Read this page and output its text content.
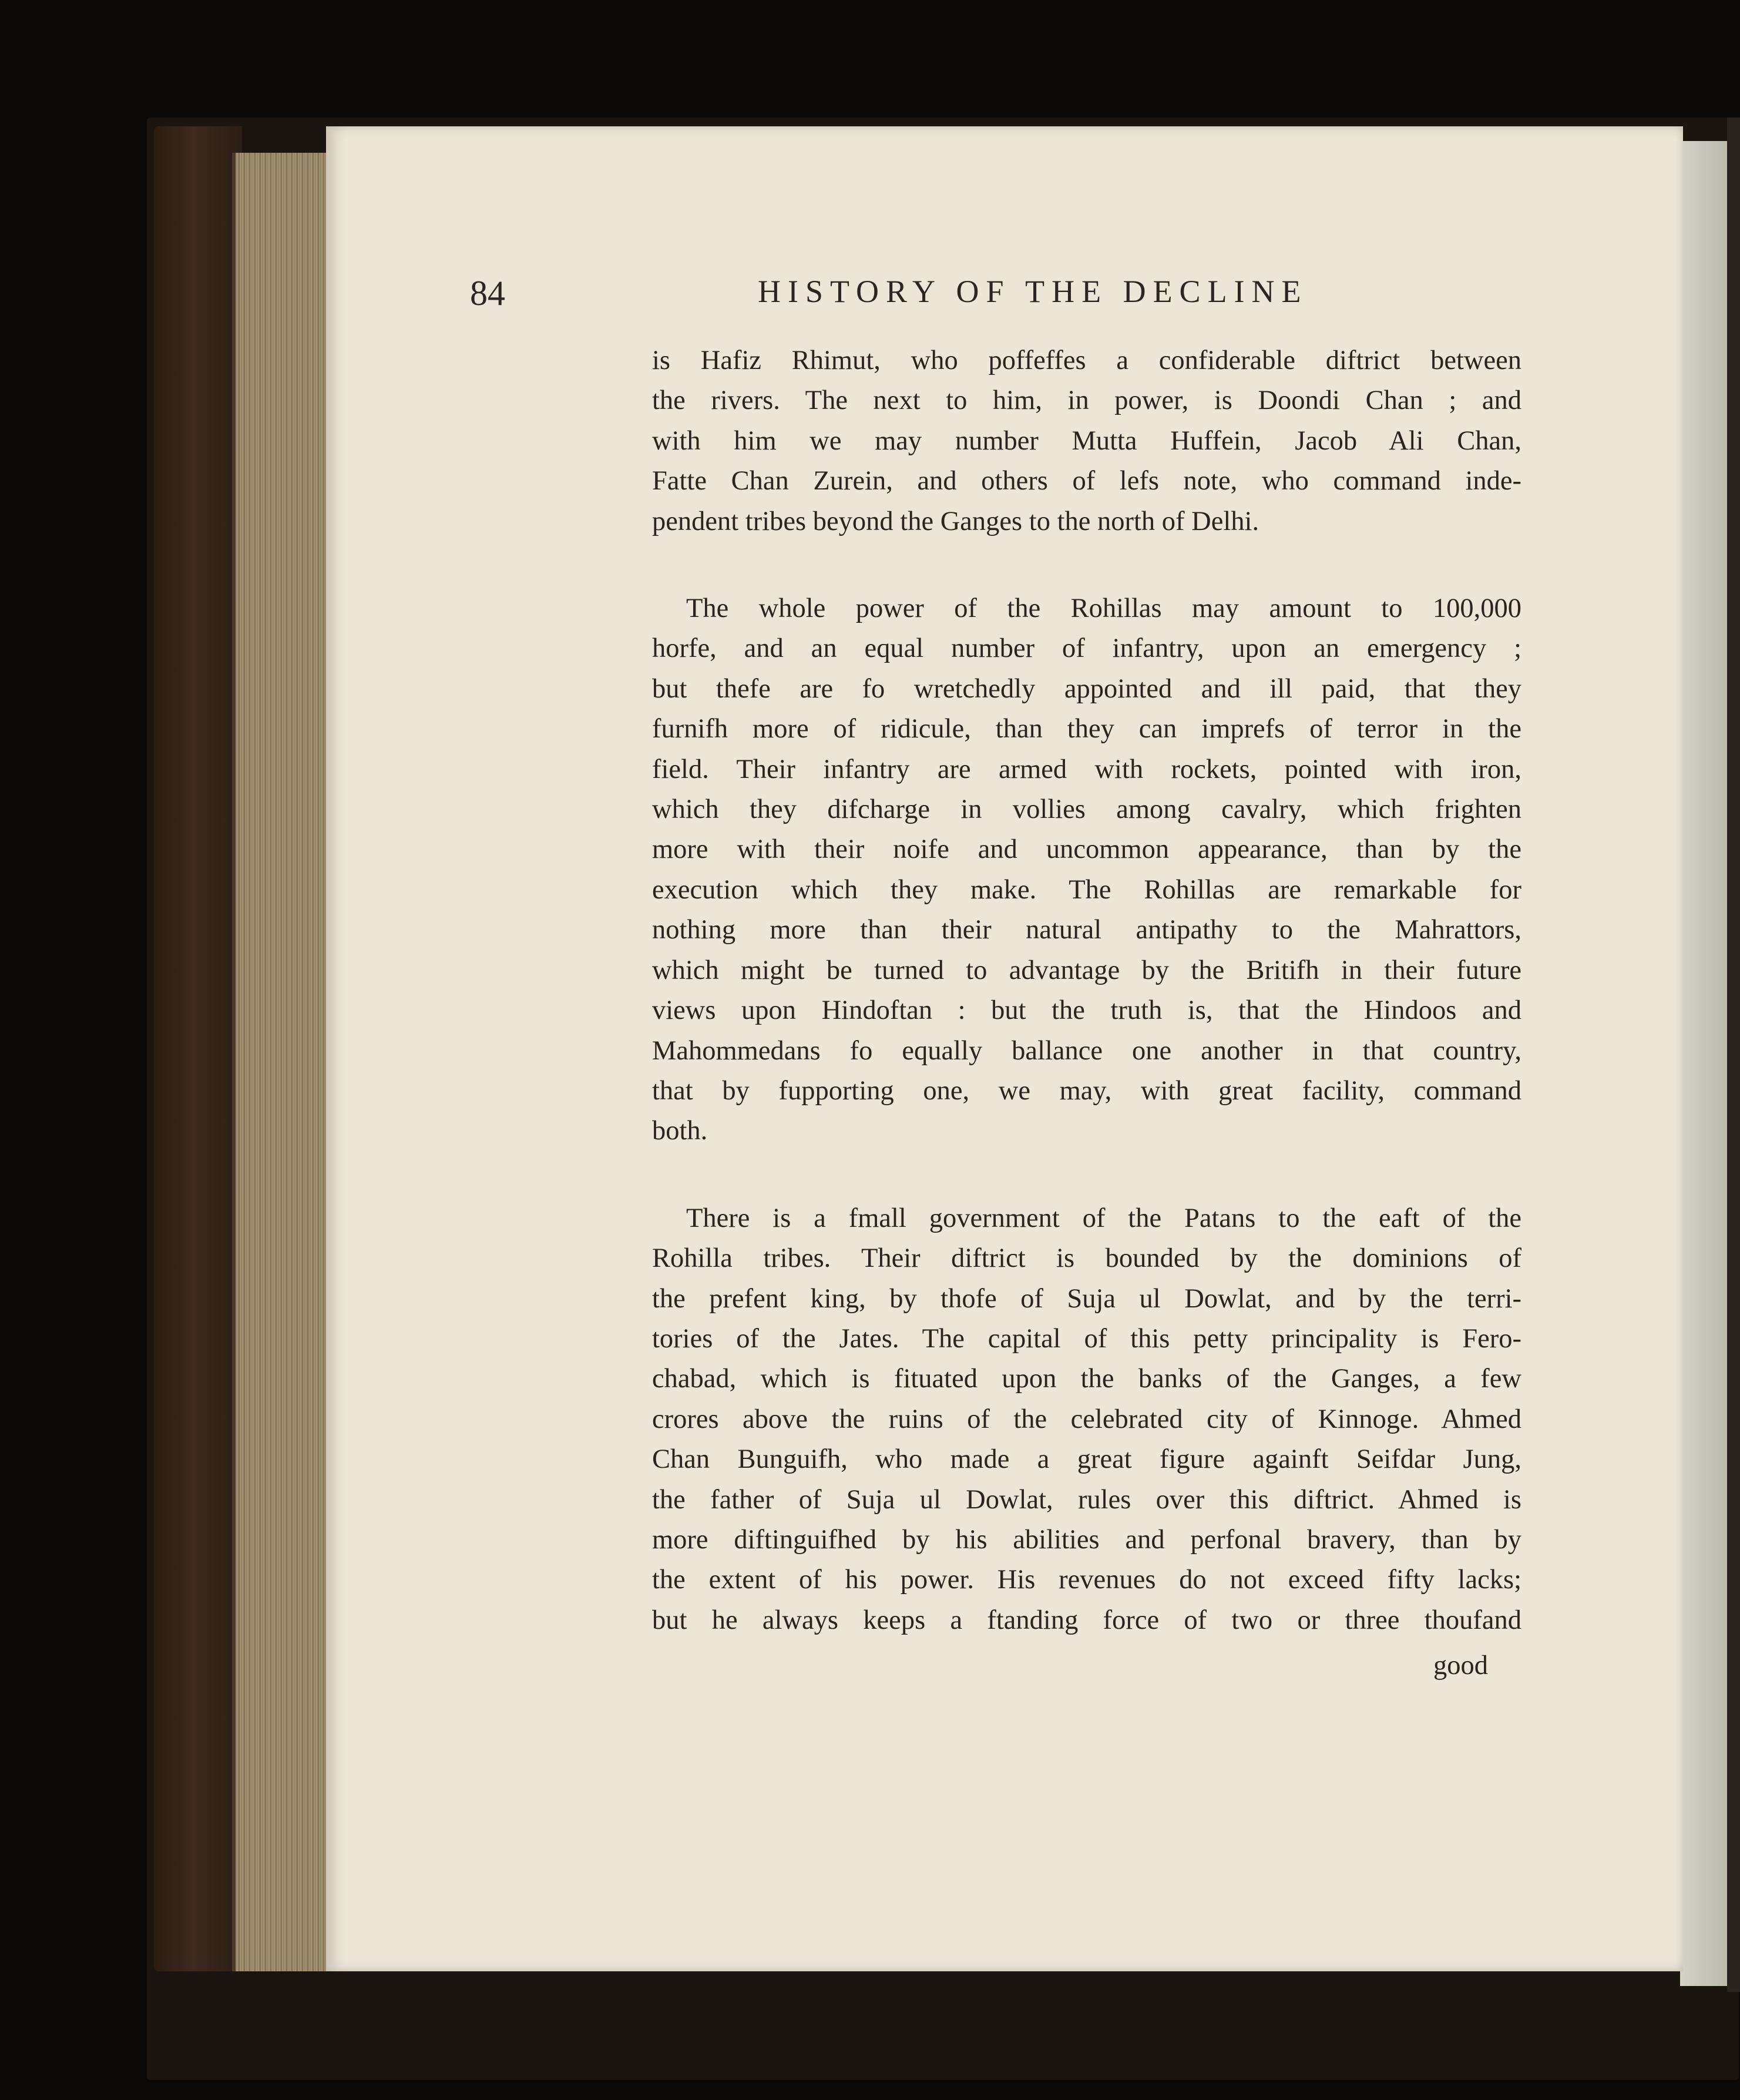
84	HISTORY OF THE DECLINE

is Hafiz Rhimut, who poffeffes a confiderable diftrict between
the rivers. The next to him, in power, is Doondi Chan ; and
with him we may number Mutta Huffein, Jacob Ali Chan,
Fatte Chan Zurein, and others of lefs note, who command inde-
pendent tribes beyond the Ganges to the north of Delhi.

The whole power of the Rohillas may amount to 100,000
horfe, and an equal number of infantry, upon an emergency ;
but thefe are fo wretchedly appointed and ill paid, that they
furnifh more of ridicule, than they can imprefs of terror in the
field. Their infantry are armed with rockets, pointed with iron,
which they difcharge in vollies among cavalry, which frighten
more with their noife and uncommon appearance, than by the
execution which they make. The Rohillas are remarkable for
nothing more than their natural antipathy to the Mahrattors,
which might be turned to advantage by the Britifh in their future
views upon Hindoftan : but the truth is, that the Hindoos and
Mahommedans fo equally ballance one another in that country,
that by fupporting one, we may, with great facility, command
both.

There is a fmall government of the Patans to the eaft of the
Rohilla tribes. Their diftrict is bounded by the dominions of
the prefent king, by thofe of Suja ul Dowlat, and by the terri-
tories of the Jates. The capital of this petty principality is Fero-
chabad, which is fituated upon the banks of the Ganges, a few
crores above the ruins of the celebrated city of Kinnoge. Ahmed
Chan Bunguifh, who made a great figure againft Seifdar Jung,
the father of Suja ul Dowlat, rules over this diftrict. Ahmed is
more diftinguifhed by his abilities and perfonal bravery, than by
the extent of his power. His revenues do not exceed fifty lacks;
but he always keeps a ftanding force of two or three thoufand

good
